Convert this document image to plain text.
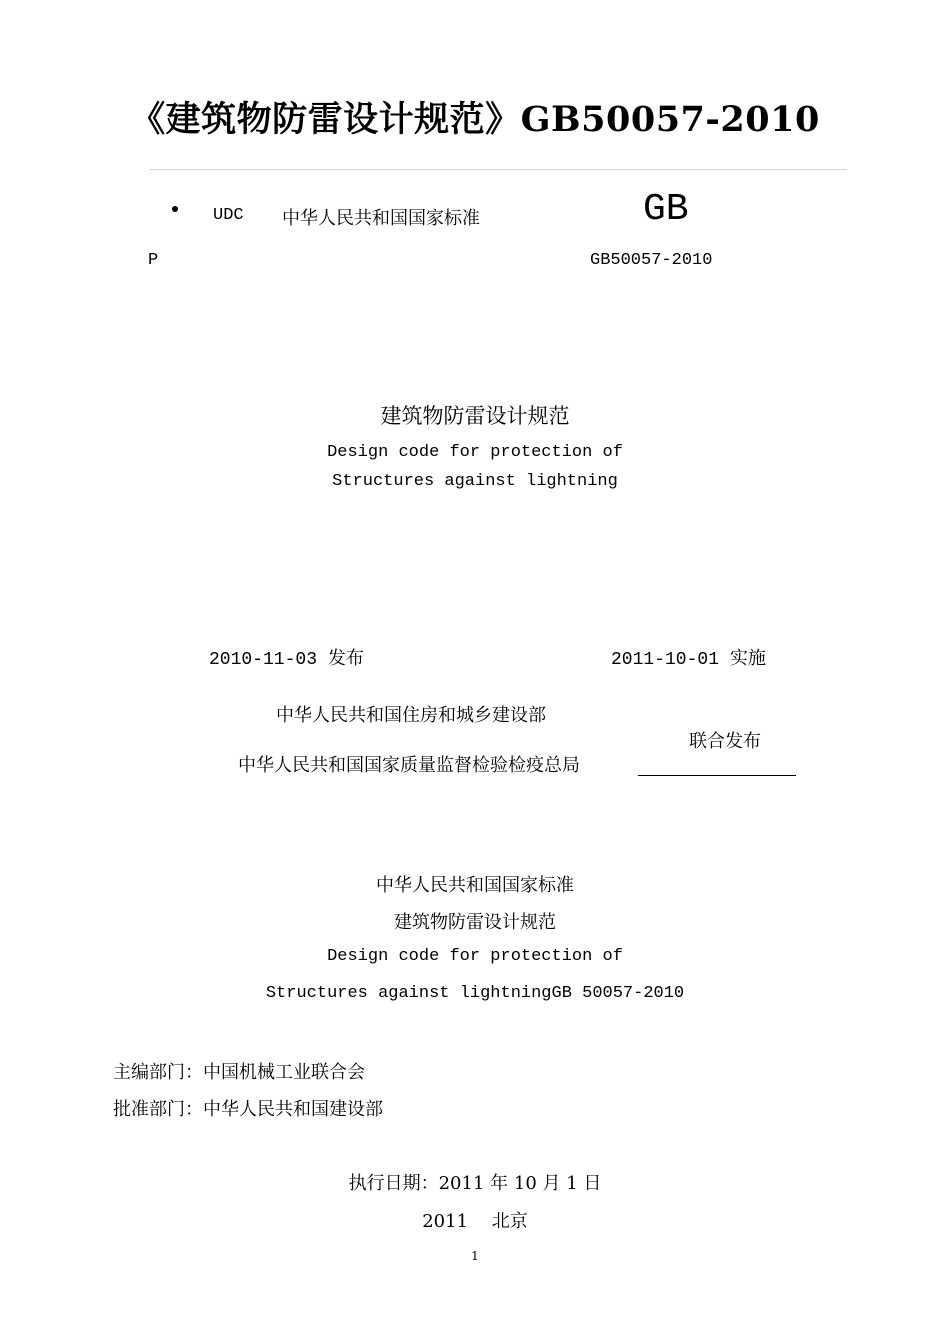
《建筑物防雷设计规范》GB50057-2010
UDC 中华人民共和国国家标准	GB
P	GB50057-2010
建筑物防雷设计规范
Design code for protection of
Structures against lightning
2010-11-03 发布	2011-10-01 实施
中华人民共和国住房和城乡建设部
中华人民共和国国家质量监督检验检疫总局
联合发布
中华人民共和国国家标准
建筑物防雷设计规范
Design code for protection of
Structures against lightningGB 50057-2010
主编部门：中国机械工业联合会
批准部门：中华人民共和国建设部
执行日期：2011 年 10 月 1 日
2011　 北京
1
